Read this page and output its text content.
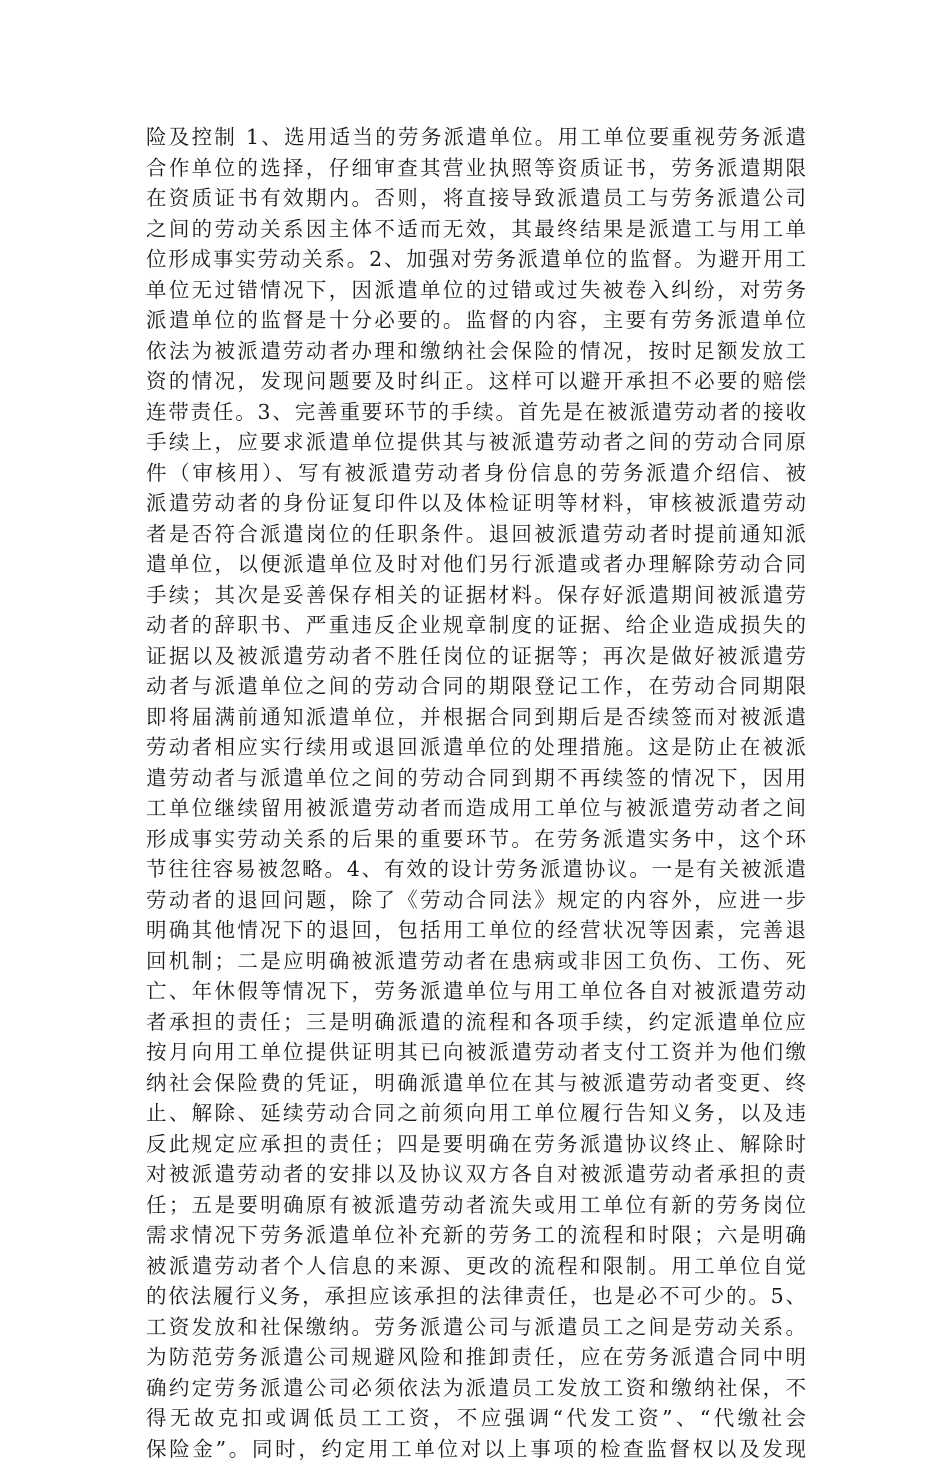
险及控制 1、选用适当的劳务派遣单位。用工单位要重视劳务派遣
合作单位的选择，仔细审查其营业执照等资质证书，劳务派遣期限
在资质证书有效期内。否则，将直接导致派遣员工与劳务派遣公司
之间的劳动关系因主体不适而无效，其最终结果是派遣工与用工单
位形成事实劳动关系。2、加强对劳务派遣单位的监督。为避开用工
单位无过错情况下，因派遣单位的过错或过失被卷入纠纷，对劳务
派遣单位的监督是十分必要的。监督的内容，主要有劳务派遣单位
依法为被派遣劳动者办理和缴纳社会保险的情况，按时足额发放工
资的情况，发现问题要及时纠正。这样可以避开承担不必要的赔偿
连带责任。3、完善重要环节的手续。首先是在被派遣劳动者的接收
手续上，应要求派遣单位提供其与被派遣劳动者之间的劳动合同原
件（审核用）、写有被派遣劳动者身份信息的劳务派遣介绍信、被
派遣劳动者的身份证复印件以及体检证明等材料，审核被派遣劳动
者是否符合派遣岗位的任职条件。退回被派遣劳动者时提前通知派
遣单位，以便派遣单位及时对他们另行派遣或者办理解除劳动合同
手续；其次是妥善保存相关的证据材料。保存好派遣期间被派遣劳
动者的辞职书、严重违反企业规章制度的证据、给企业造成损失的
证据以及被派遣劳动者不胜任岗位的证据等；再次是做好被派遣劳
动者与派遣单位之间的劳动合同的期限登记工作，在劳动合同期限
即将届满前通知派遣单位，并根据合同到期后是否续签而对被派遣
劳动者相应实行续用或退回派遣单位的处理措施。这是防止在被派
遣劳动者与派遣单位之间的劳动合同到期不再续签的情况下，因用
工单位继续留用被派遣劳动者而造成用工单位与被派遣劳动者之间
形成事实劳动关系的后果的重要环节。在劳务派遣实务中，这个环
节往往容易被忽略。4、有效的设计劳务派遣协议。一是有关被派遣
劳动者的退回问题，除了《劳动合同法》规定的内容外，应进一步
明确其他情况下的退回，包括用工单位的经营状况等因素，完善退
回机制；二是应明确被派遣劳动者在患病或非因工负伤、工伤、死
亡、年休假等情况下，劳务派遣单位与用工单位各自对被派遣劳动
者承担的责任；三是明确派遣的流程和各项手续，约定派遣单位应
按月向用工单位提供证明其已向被派遣劳动者支付工资并为他们缴
纳社会保险费的凭证，明确派遣单位在其与被派遣劳动者变更、终
止、解除、延续劳动合同之前须向用工单位履行告知义务，以及违
反此规定应承担的责任；四是要明确在劳务派遣协议终止、解除时
对被派遣劳动者的安排以及协议双方各自对被派遣劳动者承担的责
任；五是要明确原有被派遣劳动者流失或用工单位有新的劳务岗位
需求情况下劳务派遣单位补充新的劳务工的流程和时限；六是明确
被派遣劳动者个人信息的来源、更改的流程和限制。用工单位自觉
的依法履行义务，承担应该承担的法律责任，也是必不可少的。5、
工资发放和社保缴纳。劳务派遣公司与派遣员工之间是劳动关系。
为防范劳务派遣公司规避风险和推卸责任，应在劳务派遣合同中明
确约定劳务派遣公司必须依法为派遣员工发放工资和缴纳社保，不
得无故克扣或调低员工工资，不应强调“代发工资”、“代缴社会
保险金”。同时，约定用工单位对以上事项的检查监督权以及发现
